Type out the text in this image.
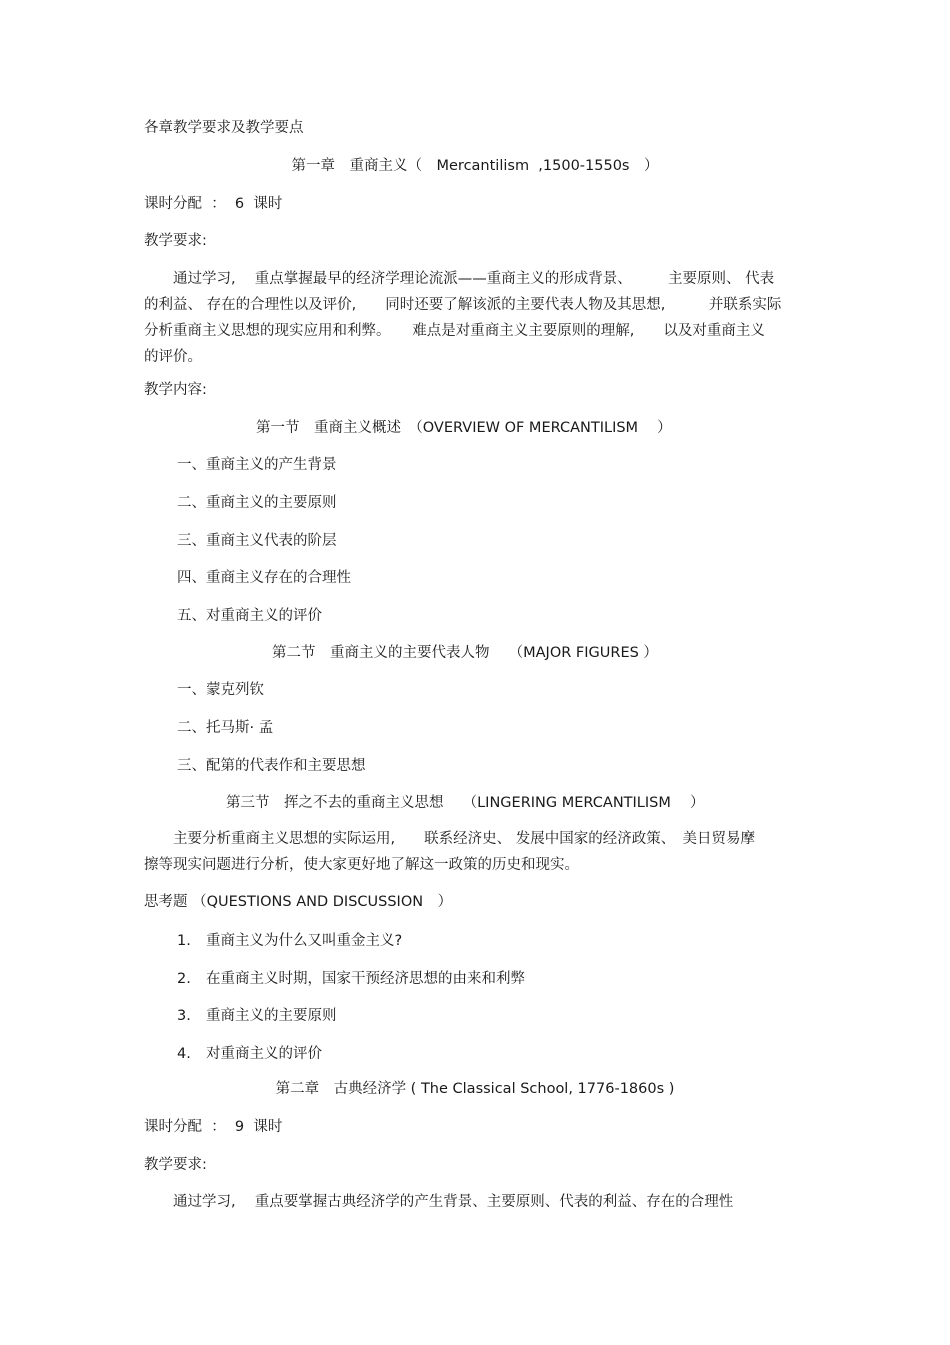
各章教学要求及教学要点
第一章　重商主义（　Mercantilism  ,1500-1550s　）
课时分配  ：  6  课时
教学要求:
　　通过学习,　 重点掌握最早的经济学理论流派——重商主义的形成背景、　　　主要原则、 代表
的利益、 存在的合理性以及评价,　　同时还要了解该派的主要代表人物及其思想,　　　并联系实际
分析重商主义思想的现实应用和利弊。　　难点是对重商主义主要原则的理解,　　以及对重商主义
的评价。
教学内容:
第一节　重商主义概述　（OVERVIEW OF MERCANTILISM　 ）
一、重商主义的产生背景
二、重商主义的主要原则
三、重商主义代表的阶层
四、重商主义存在的合理性
五、对重商主义的评价
第二节　重商主义的主要代表人物　 （MAJOR FIGURES ）
一、蒙克列钦
二、托马斯· 孟
三、配第的代表作和主要思想
第三节　挥之不去的重商主义思想　 （LINGERING MERCANTILISM　 ）
　　主要分析重商主义思想的实际运用,　　联系经济史、 发展中国家的经济政策、　美日贸易摩
擦等现实问题进行分析，使大家更好地了解这一政策的历史和现实。
思考题 （QUESTIONS AND DISCUSSION　）
1. 重商主义为什么又叫重金主义?
2. 在重商主义时期，国家干预经济思想的由来和利弊
3. 重商主义的主要原则
4. 对重商主义的评价
第二章　古典经济学 ( The Classical School, 1776-1860s )
课时分配  ：  9  课时
教学要求:
　　通过学习,　 重点要掌握古典经济学的产生背景、主要原则、代表的利益、存在的合理性
